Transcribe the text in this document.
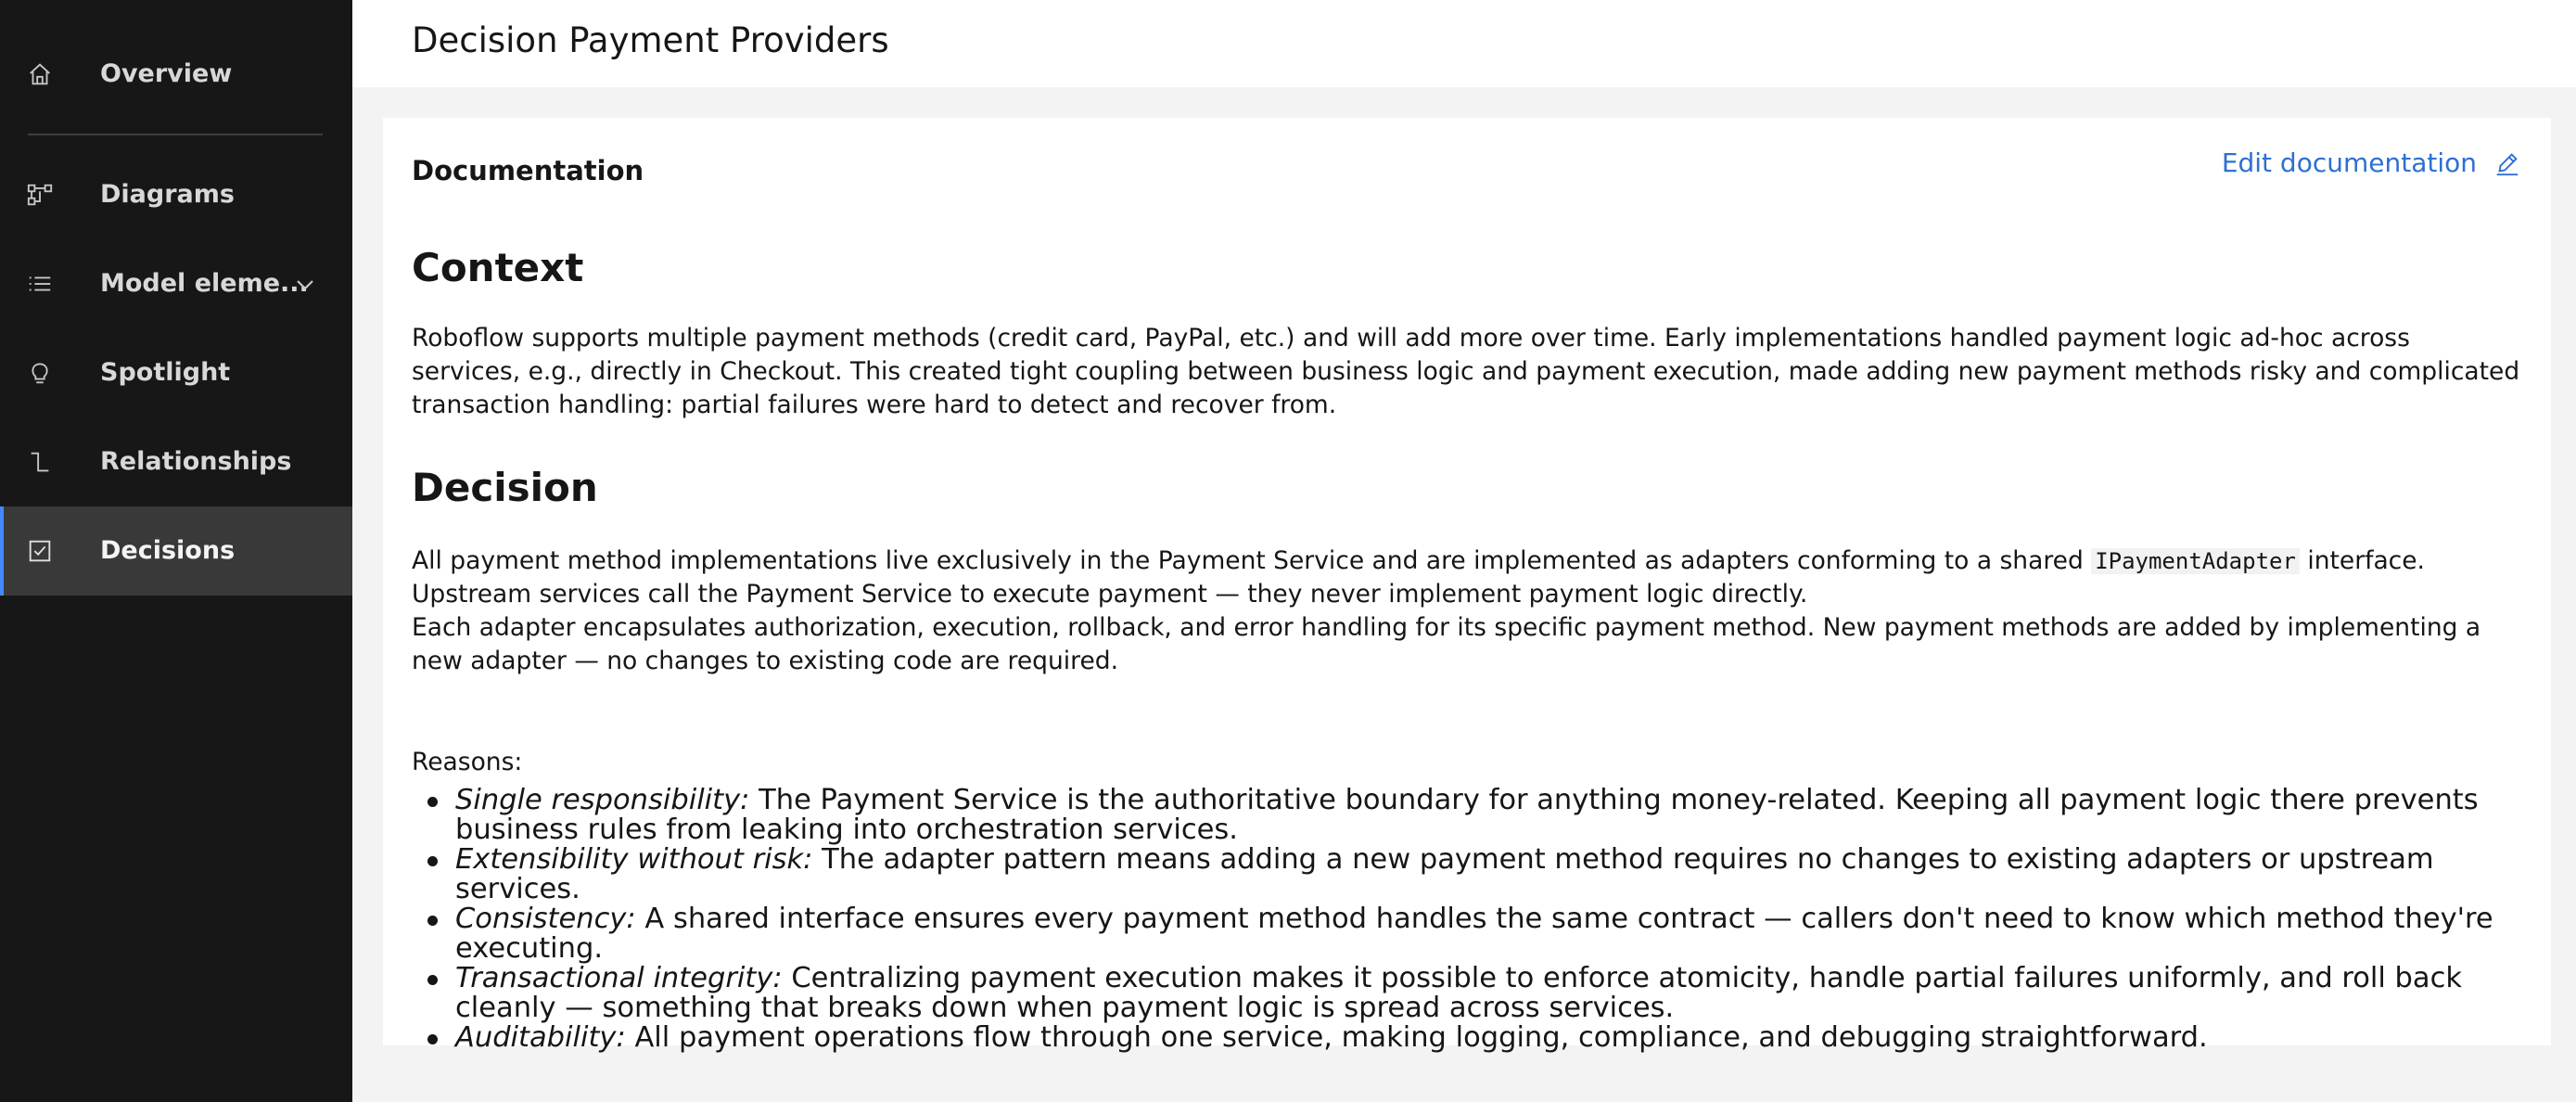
Overview
Diagrams
Model eleme...
Spotlight
Relationships
Decisions
Decision Payment Providers
Documentation	Edit documentation
Context

Roboflow supports multiple payment methods (credit card, PayPal, etc.) and will add more over time. Early implementations handled payment logic ad-hoc across services, e.g., directly in Checkout. This created tight coupling between business logic and payment execution, made adding new payment methods risky and complicated transaction handling: partial failures were hard to detect and recover from.

Decision

All payment method implementations live exclusively in the Payment Service and are implemented as adapters conforming to a shared IPaymentAdapter interface. Upstream services call the Payment Service to execute payment — they never implement payment logic directly.

Each adapter encapsulates authorization, execution, rollback, and error handling for its specific payment method. New payment methods are added by implementing a new adapter — no changes to existing code are required.

Reasons:
Single responsibility: The Payment Service is the authoritative boundary for anything money-related. Keeping all payment logic there prevents business rules from leaking into orchestration services.
Extensibility without risk: The adapter pattern means adding a new payment method requires no changes to existing adapters or upstream services.
Consistency: A shared interface ensures every payment method handles the same contract — callers don't need to know which method they're executing.
Transactional integrity: Centralizing payment execution makes it possible to enforce atomicity, handle partial failures uniformly, and roll back cleanly — something that breaks down when payment logic is spread across services.
Auditability: All payment operations flow through one service, making logging, compliance, and debugging straightforward.
